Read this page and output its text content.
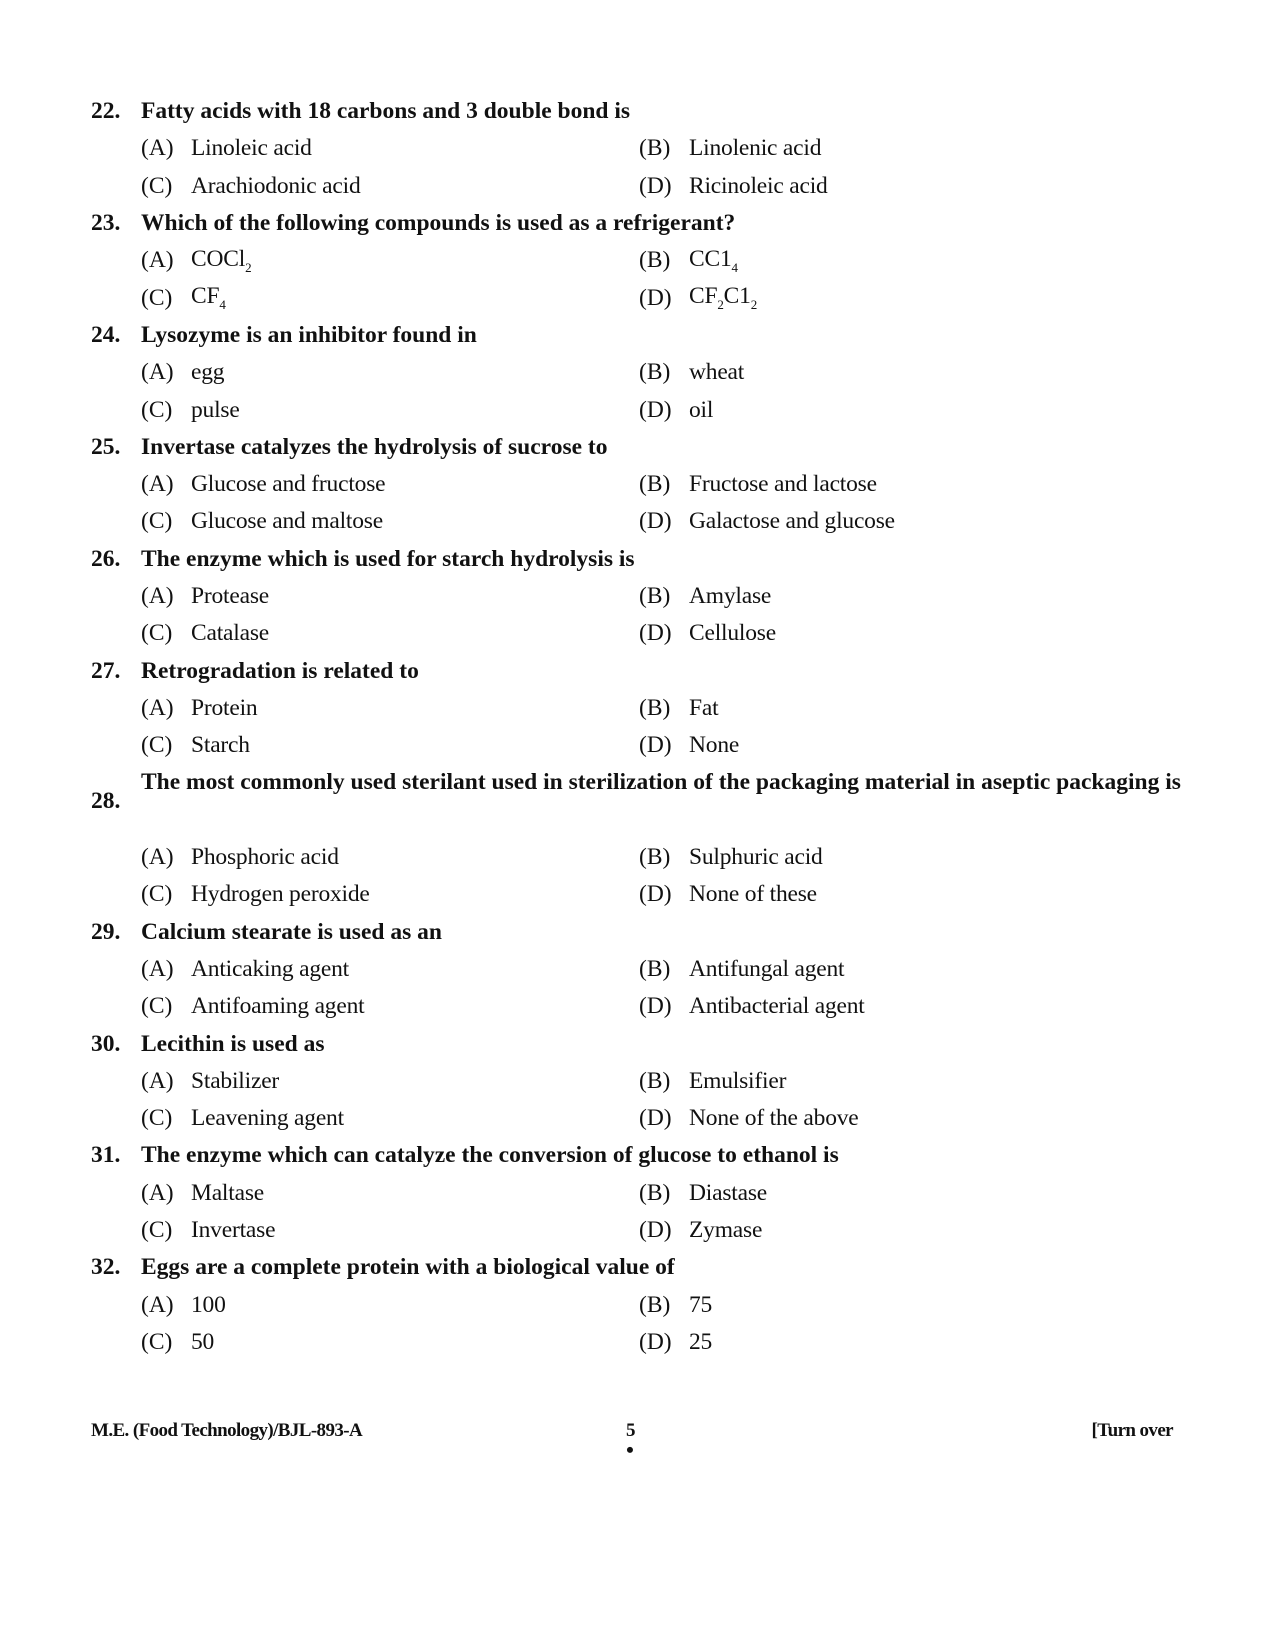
22. Fatty acids with 18 carbons and 3 double bond is
(A) Linoleic acid	(B) Linolenic acid
(C) Arachiodonic acid	(D) Ricinoleic acid
23. Which of the following compounds is used as a refrigerant?
(A) COCl$_2$	(B) $CC1_4$
(C) $CF_4$	(D) $CF_2C1_2$
24. Lysozyme is an inhibitor found in
(A) egg	(B) wheat
(C) pulse	(D) oil
25. Invertase catalyzes the hydrolysis of sucrose to
(A) Glucose and fructose	(B) Fructose and lactose
(C) Glucose and maltose	(D) Galactose and glucose
26. The enzyme which is used for starch hydrolysis is
(A) Protease	(B) Amylase
(C) Catalase	(D) Cellulose
27. Retrogradation is related to
(A) Protein	(B) Fat
(C) Starch	(D) None
28.
The most commonly used sterilant used in sterilization of the packaging material in aseptic packaging is
(A) Phosphoric acid	(B) Sulphuric acid
(C) Hydrogen peroxide	(D) None of these
29. Calcium stearate is used as an
(A) Anticaking agent	(B) Antifungal agent
(C) Antifoaming agent	(D) Antibacterial agent
30. Lecithin is used as
(A) Stabilizer	(B) Emulsifier
(C) Leavening agent	(D) None of the above
31. The enzyme which can catalyze the conversion of glucose to ethanol is
(A) Maltase	(B) Diastase
(C) Invertase	(D) Zymase
32. Eggs are a complete protein with a biological value of
(A) 100	(B) 75
(C) 50	(D) 25
M.E. (Food Technology)/BJL-893-A	5
●
[Turn over
